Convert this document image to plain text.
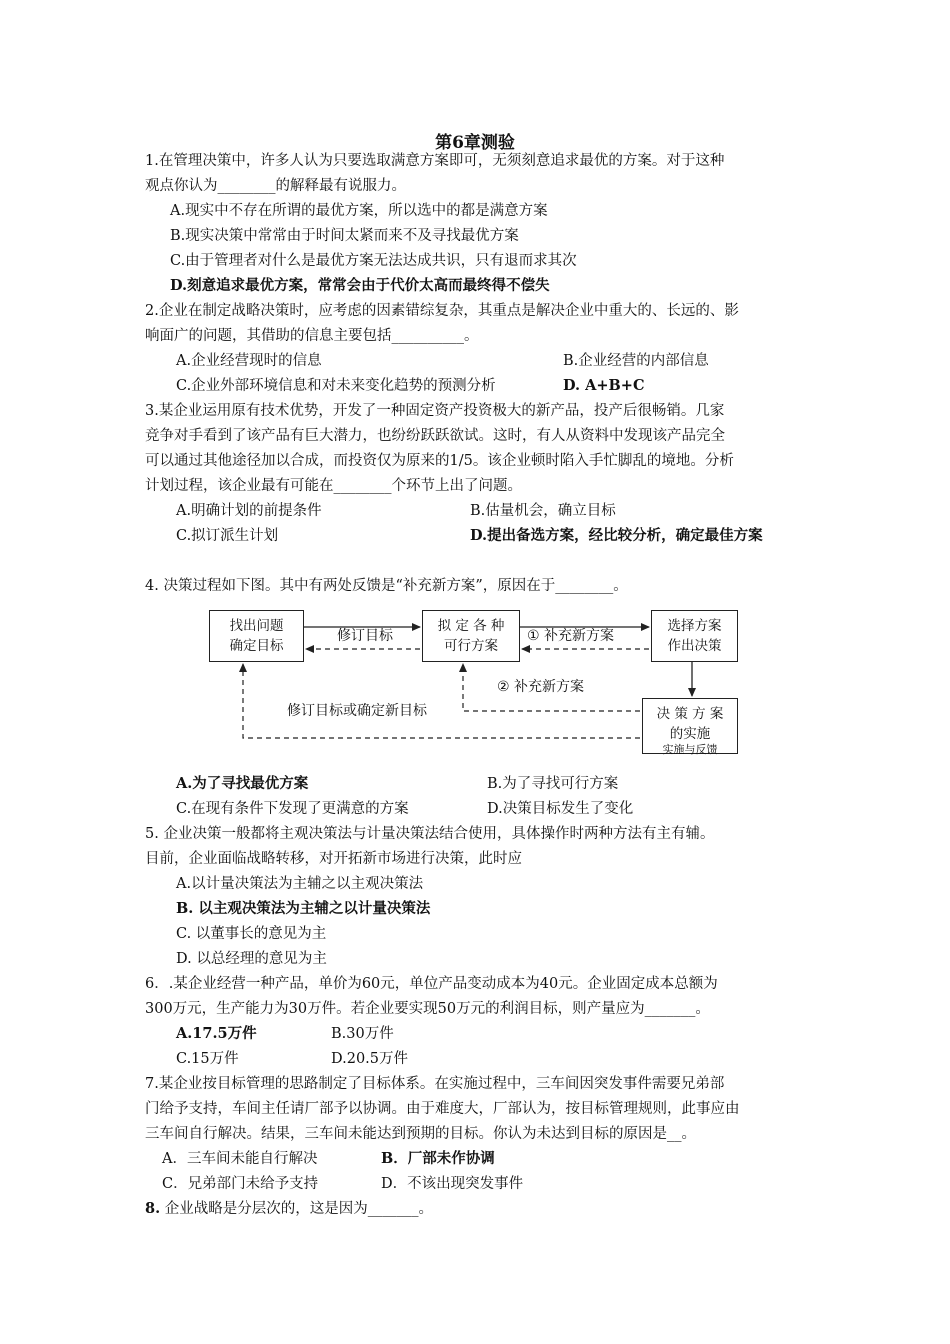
第6章测验
1.在管理决策中，许多人认为只要选取满意方案即可，无须刻意追求最优的方案。对于这种
观点你认为________的解释最有说服力。
A.现实中不存在所谓的最优方案，所以选中的都是满意方案
B.现实决策中常常由于时间太紧而来不及寻找最优方案
C.由于管理者对什么是最优方案无法达成共识，只有退而求其次
D.刻意追求最优方案，常常会由于代价太高而最终得不偿失
2.企业在制定战略决策时，应考虑的因素错综复杂，其重点是解决企业中重大的、长远的、影
响面广的问题，其借助的信息主要包括__________。
A.企业经营现时的信息	B.企业经营的内部信息
C.企业外部环境信息和对未来变化趋势的预测分析	D. A+B+C
3.某企业运用原有技术优势，开发了一种固定资产投资极大的新产品，投产后很畅销。几家
竞争对手看到了该产品有巨大潜力，也纷纷跃跃欲试。这时，有人从资料中发现该产品完全
可以通过其他途径加以合成，而投资仅为原来的1/5。该企业顿时陷入手忙脚乱的境地。分析
计划过程，该企业最有可能在________个环节上出了问题。
A.明确计划的前提条件	B.估量机会，确立目标
C.拟订派生计划	D.提出备选方案，经比较分析，确定最佳方案
4. 决策过程如下图。其中有两处反馈是“补充新方案”，原因在于________。
找出问题
确定目标
拟 定 各 种
可行方案
选择方案
作出决策
决 策 方 案
的实施
实施与反馈
修订目标	① 补充新方案
② 补充新方案
修订目标或确定新目标
A.为了寻找最优方案	B.为了寻找可行方案
C.在现有条件下发现了更满意的方案	D.决策目标发生了变化
5. 企业决策一般都将主观决策法与计量决策法结合使用，具体操作时两种方法有主有辅。
目前，企业面临战略转移，对开拓新市场进行决策，此时应
A.以计量决策法为主辅之以主观决策法
B. 以主观决策法为主辅之以计量决策法
C. 以董事长的意见为主
D. 以总经理的意见为主
6．.某企业经营一种产品，单价为60元，单位产品变动成本为40元。企业固定成本总额为
300万元，生产能力为30万件。若企业要实现50万元的利润目标，则产量应为_______。
A.17.5万件	B.30万件
C.15万件	D.20.5万件
7.某企业按目标管理的思路制定了目标体系。在实施过程中，三车间因突发事件需要兄弟部
门给予支持，车间主任请厂部予以协调。由于难度大，厂部认为，按目标管理规则，此事应由
三车间自行解决。结果，三车间未能达到预期的目标。你认为未达到目标的原因是__。
A．三车间未能自行解决	B．厂部未作协调
C．兄弟部门未给予支持	D．不该出现突发事件
8. 企业战略是分层次的，这是因为_______。
